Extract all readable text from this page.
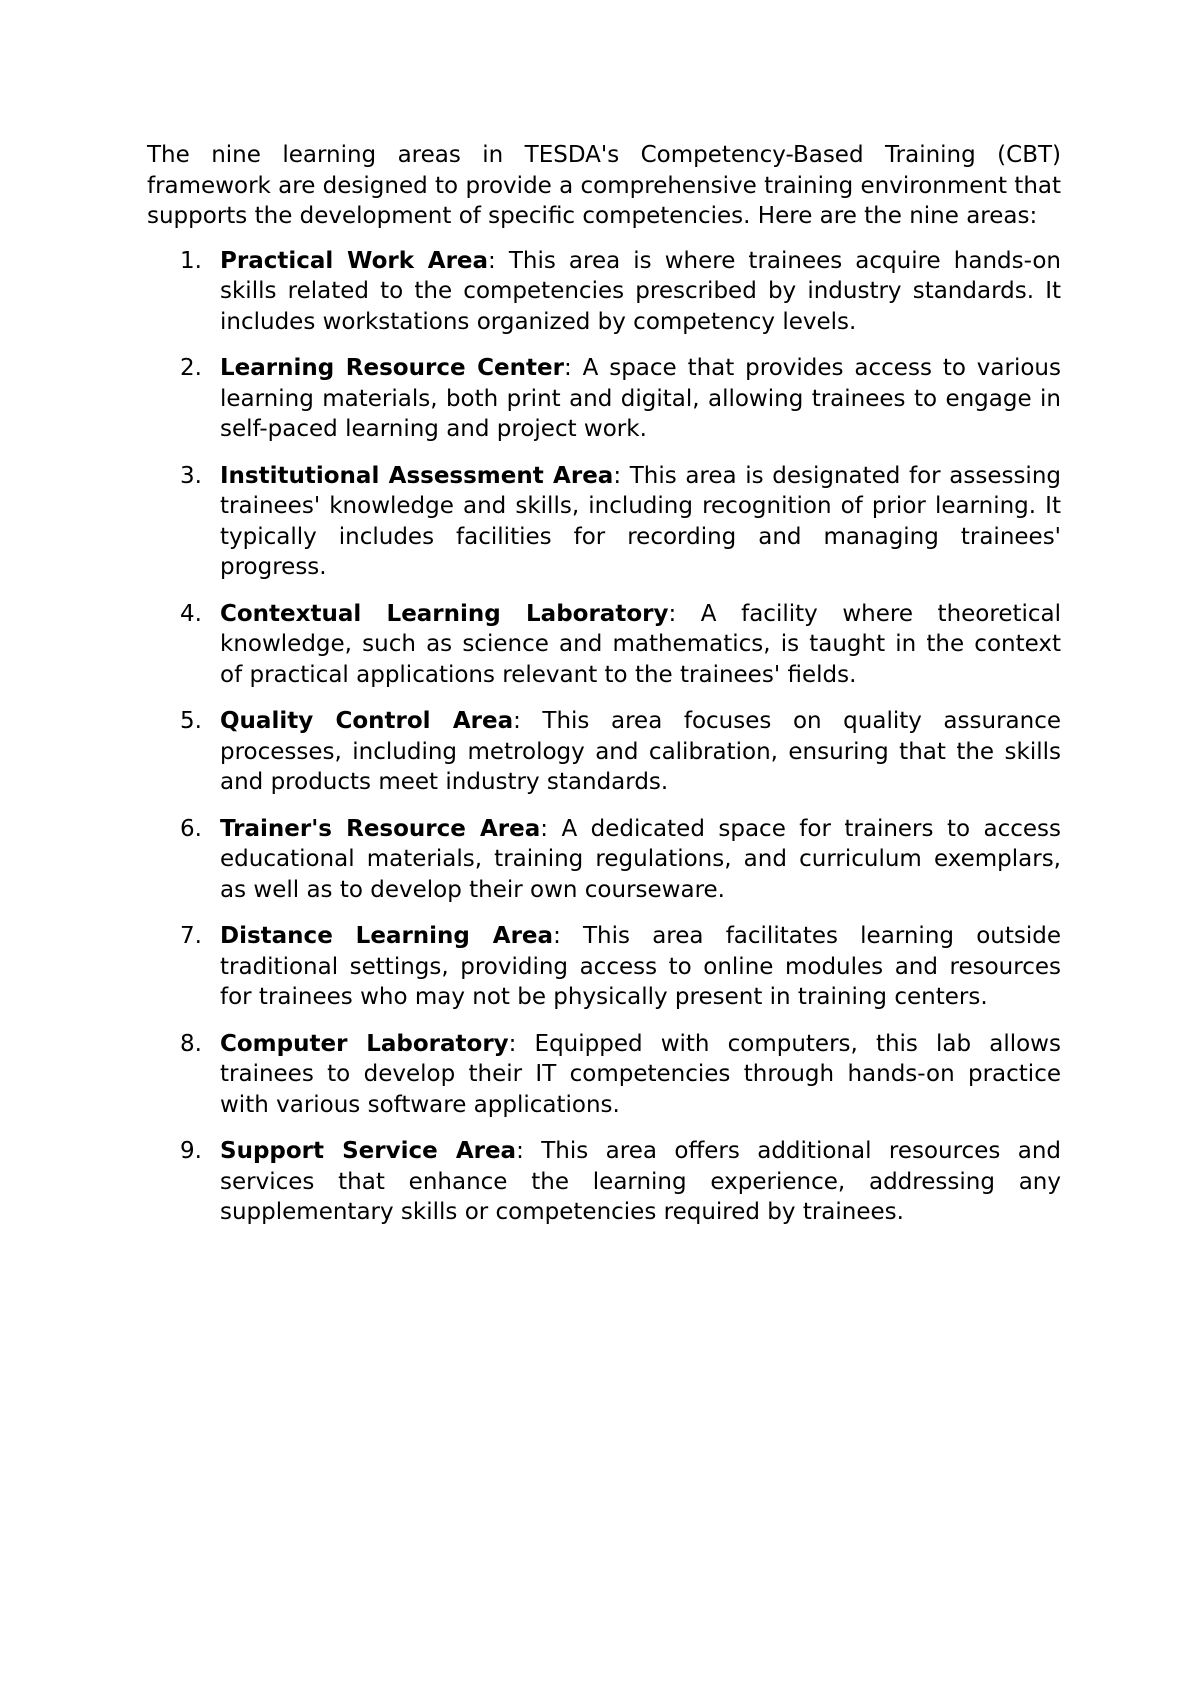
The nine learning areas in TESDA's Competency-Based Training (CBT) framework are designed to provide a comprehensive training environment that supports the development of specific competencies. Here are the nine areas:

1. Practical Work Area: This area is where trainees acquire hands-on skills related to the competencies prescribed by industry standards. It includes workstations organized by competency levels.
2. Learning Resource Center: A space that provides access to various learning materials, both print and digital, allowing trainees to engage in self-paced learning and project work.
3. Institutional Assessment Area: This area is designated for assessing trainees' knowledge and skills, including recognition of prior learning. It typically includes facilities for recording and managing trainees' progress.
4. Contextual Learning Laboratory: A facility where theoretical knowledge, such as science and mathematics, is taught in the context of practical applications relevant to the trainees' fields.
5. Quality Control Area: This area focuses on quality assurance processes, including metrology and calibration, ensuring that the skills and products meet industry standards.
6. Trainer's Resource Area: A dedicated space for trainers to access educational materials, training regulations, and curriculum exemplars, as well as to develop their own courseware.
7. Distance Learning Area: This area facilitates learning outside traditional settings, providing access to online modules and resources for trainees who may not be physically present in training centers.
8. Computer Laboratory: Equipped with computers, this lab allows trainees to develop their IT competencies through hands-on practice with various software applications.
9. Support Service Area: This area offers additional resources and services that enhance the learning experience, addressing any supplementary skills or competencies required by trainees.
